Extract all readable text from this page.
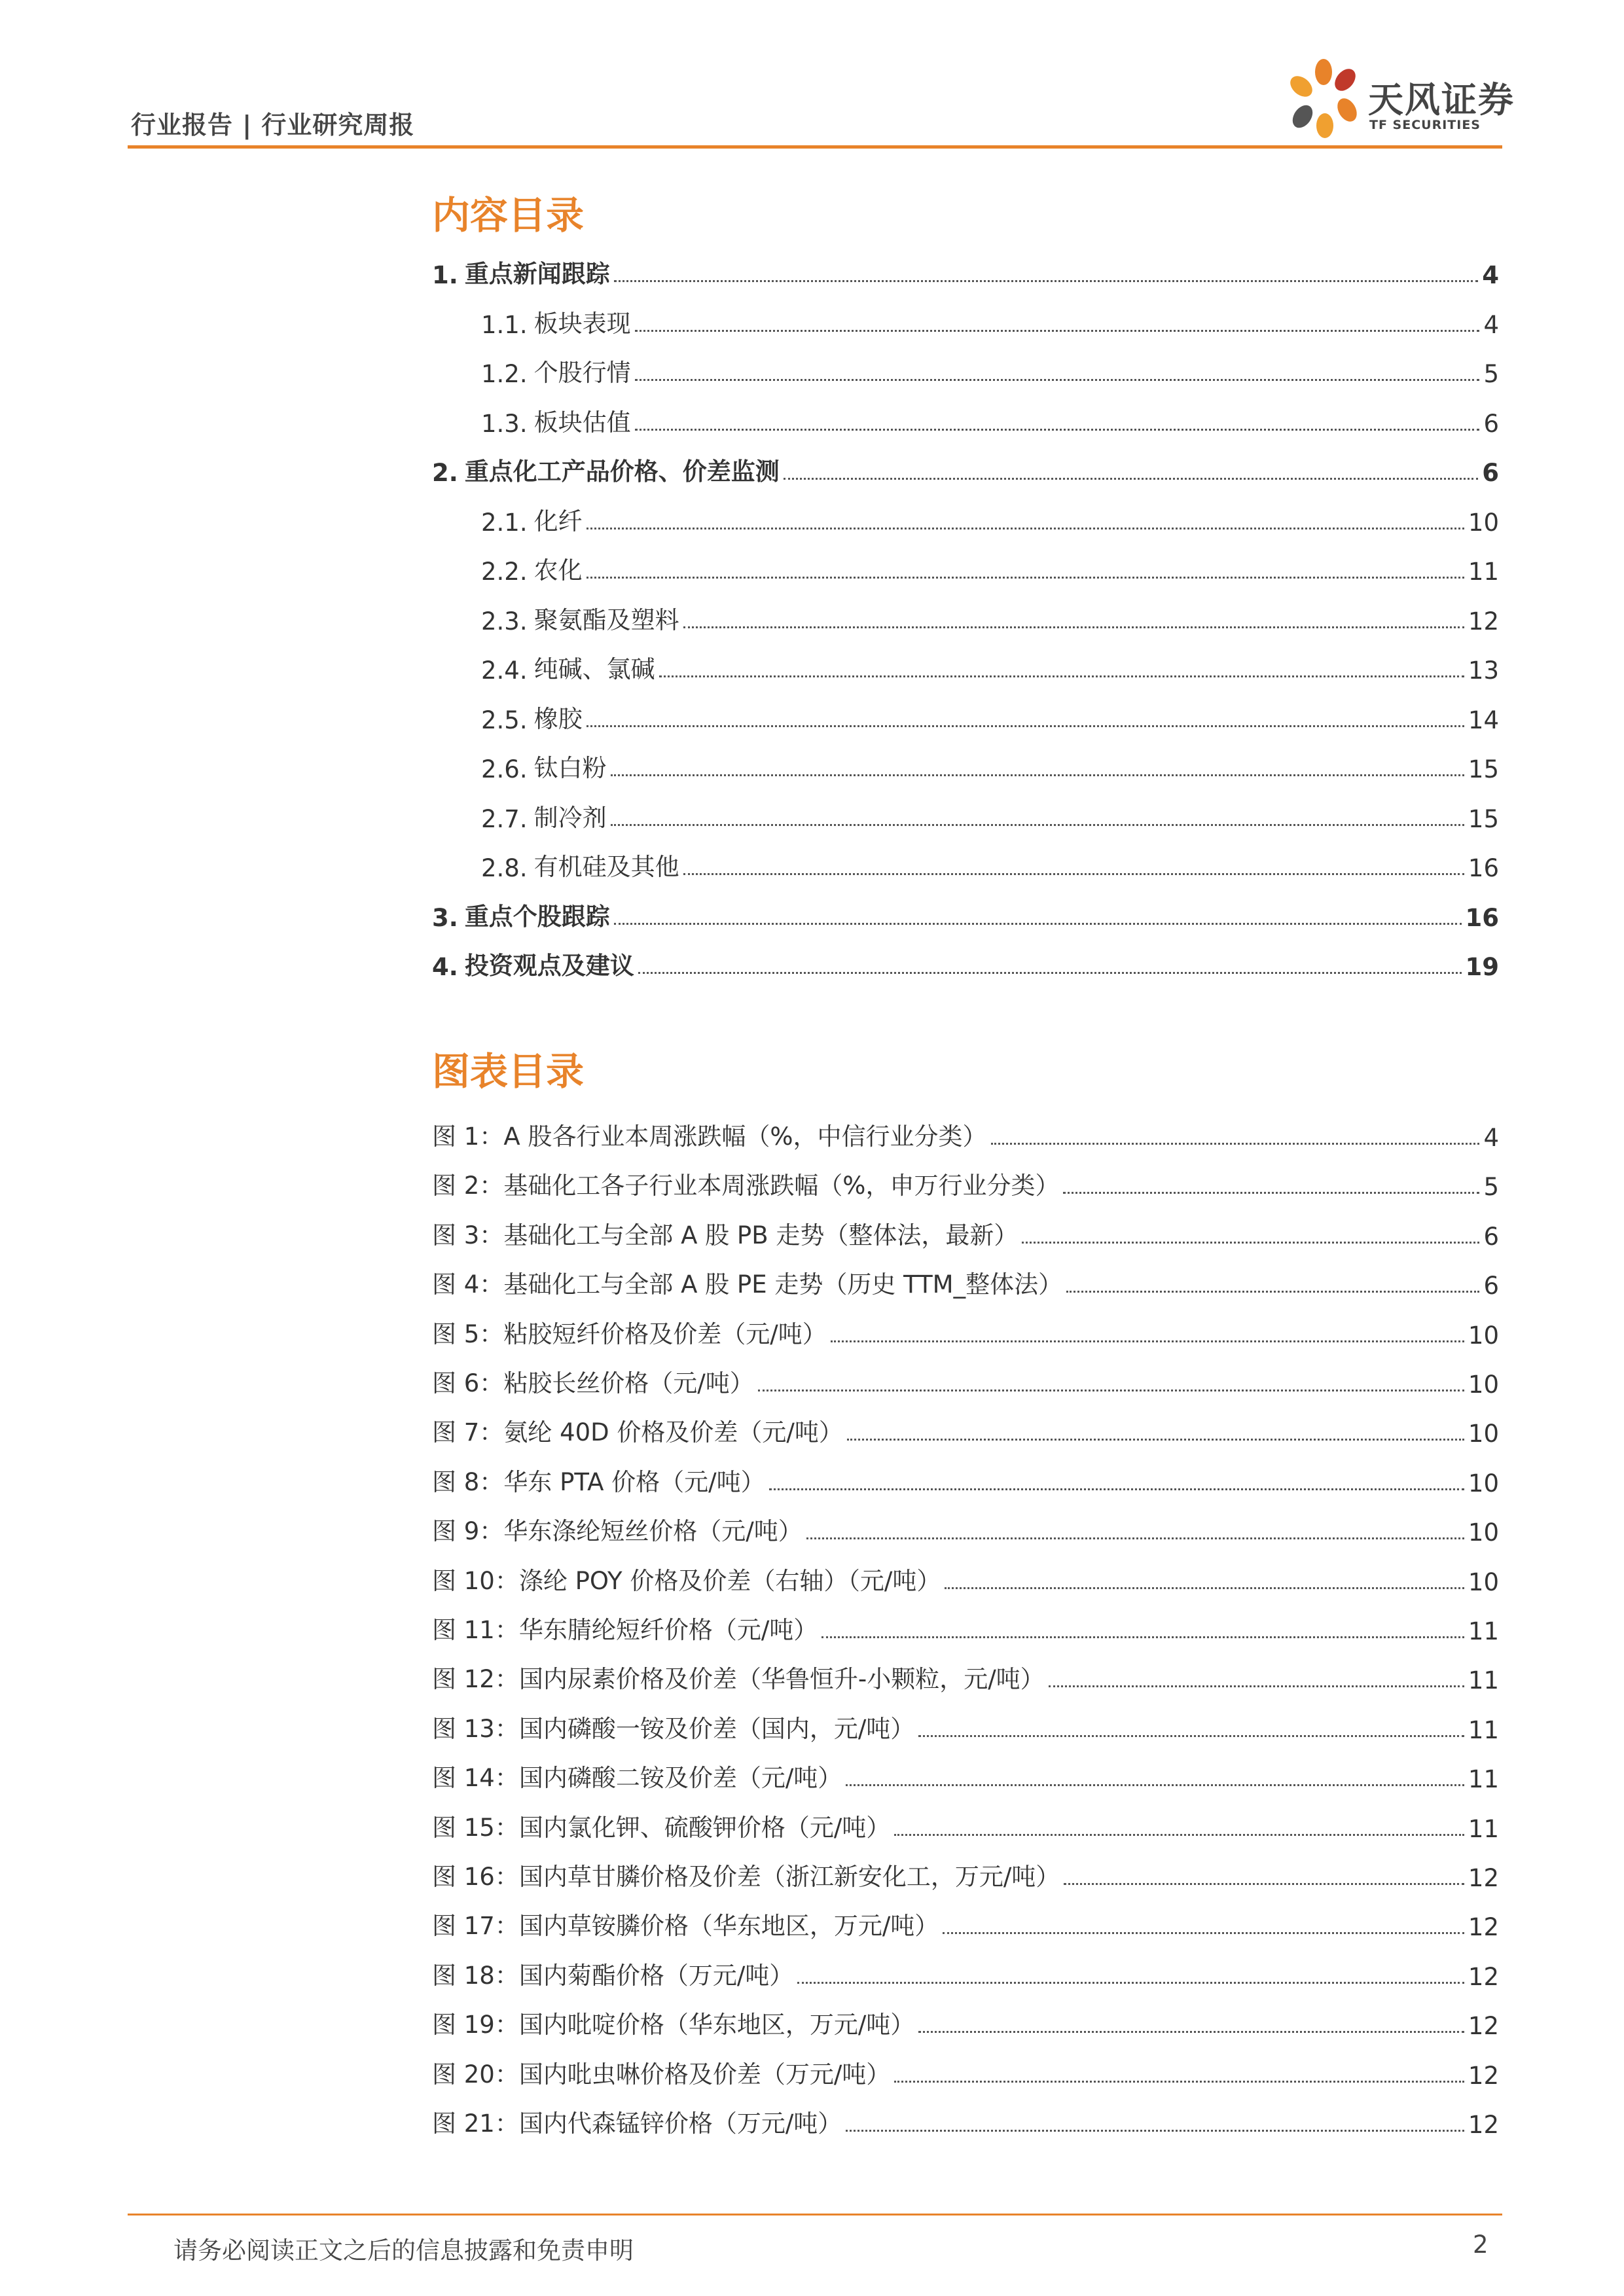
行业报告 | 行业研究周报
天风证券
TF SECURITIES
内容目录
1. 重点新闻跟踪	4
1.1. 板块表现	4
1.2. 个股行情	5
1.3. 板块估值	6
2. 重点化工产品价格、价差监测	6
2.1. 化纤	10
2.2. 农化	11
2.3. 聚氨酯及塑料	12
2.4. 纯碱、氯碱	13
2.5. 橡胶	14
2.6. 钛白粉	15
2.7. 制冷剂	15
2.8. 有机硅及其他	16
3. 重点个股跟踪	16
4. 投资观点及建议	19
图表目录
图 1： A 股各行业本周涨跌幅（%，中信行业分类）	4
图 2： 基础化工各子行业本周涨跌幅（%，申万行业分类）	5
图 3： 基础化工与全部 A 股 PB 走势（整体法，最新）	6
图 4： 基础化工与全部 A 股 PE 走势（历史 TTM_整体法）	6
图 5： 粘胶短纤价格及价差（元/吨）	10
图 6： 粘胶长丝价格（元/吨）	10
图 7： 氨纶 40D 价格及价差（元/吨）	10
图 8： 华东 PTA 价格（元/吨）	10
图 9： 华东涤纶短丝价格（元/吨）	10
图 10： 涤纶 POY 价格及价差（右轴）（元/吨）	10
图 11： 华东腈纶短纤价格（元/吨）	11
图 12： 国内尿素价格及价差（华鲁恒升-小颗粒，元/吨）	11
图 13： 国内磷酸一铵及价差（国内，元/吨）	11
图 14： 国内磷酸二铵及价差（元/吨）	11
图 15： 国内氯化钾、硫酸钾价格（元/吨）	11
图 16： 国内草甘膦价格及价差（浙江新安化工，万元/吨）	12
图 17： 国内草铵膦价格（华东地区，万元/吨）	12
图 18： 国内菊酯价格（万元/吨）	12
图 19： 国内吡啶价格（华东地区，万元/吨）	12
图 20： 国内吡虫啉价格及价差（万元/吨）	12
图 21： 国内代森锰锌价格（万元/吨）	12
请务必阅读正文之后的信息披露和免责申明	2
